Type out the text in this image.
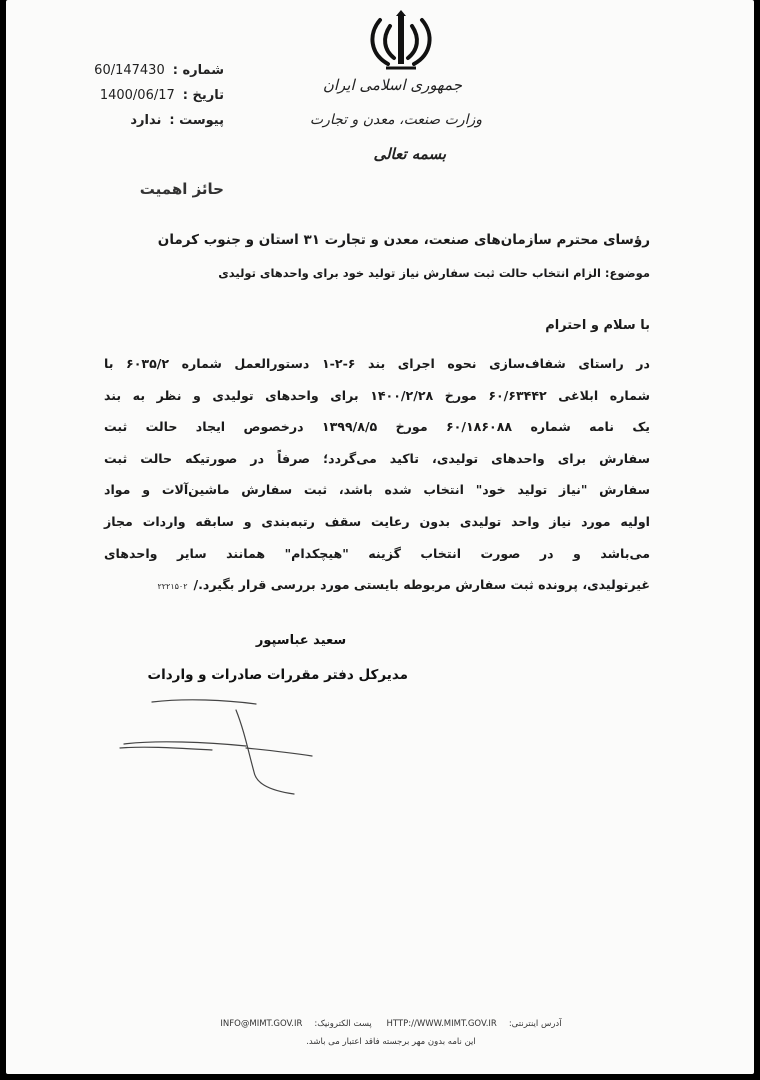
شماره :
60/147430
تاریخ :
1400/06/17
پیوست :
ندارد
جمهوری اسلامی ایران
وزارت صنعت، معدن و تجارت
بسمه تعالی
حائز اهمیت
رؤسای محترم سازمان‌های صنعت، معدن و تجارت ۳۱ استان و جنوب کرمان
موضوع: الزام انتخاب حالت ثبت سفارش نیاز تولید خود برای واحدهای تولیدی
با سلام و احترام
در راستای شفاف‌سازی نحوه اجرای بند ۶-۲-۱ دستورالعمل شماره ۶۰۳۵/۲ با
شماره ابلاغی ۶۰/۶۳۴۴۲ مورخ ۱۴۰۰/۲/۲۸ برای واحدهای تولیدی و نظر به بند
یک نامه شماره ۶۰/۱۸۶۰۸۸ مورخ ۱۳۹۹/۸/۵ درخصوص ایجاد حالت ثبت
سفارش برای واحدهای تولیدی، تاکید می‌گردد؛ صرفاً در صورتیکه حالت ثبت
سفارش "نیاز تولید خود" انتخاب شده باشد، ثبت سفارش ماشین‌آلات و مواد
اولیه مورد نیاز واحد تولیدی بدون رعایت سقف رتبه‌بندی و سابقه واردات مجاز
می‌باشد و در صورت انتخاب گزینه "هیچکدام" همانند سایر واحدهای
غیرتولیدی، پرونده ثبت سفارش مربوطه بایستی مورد بررسی قرار بگیرد./۲۲۲۱۵۰۲
سعید عباسپور
مدیرکل دفتر مقررات صادرات و واردات
آدرس اینترنتی:HTTP://WWW.MIMT.GOV.IR پست الکترونیک:INFO@MIMT.GOV.IR
این نامه بدون مهر برجسته فاقد اعتبار می باشد.
